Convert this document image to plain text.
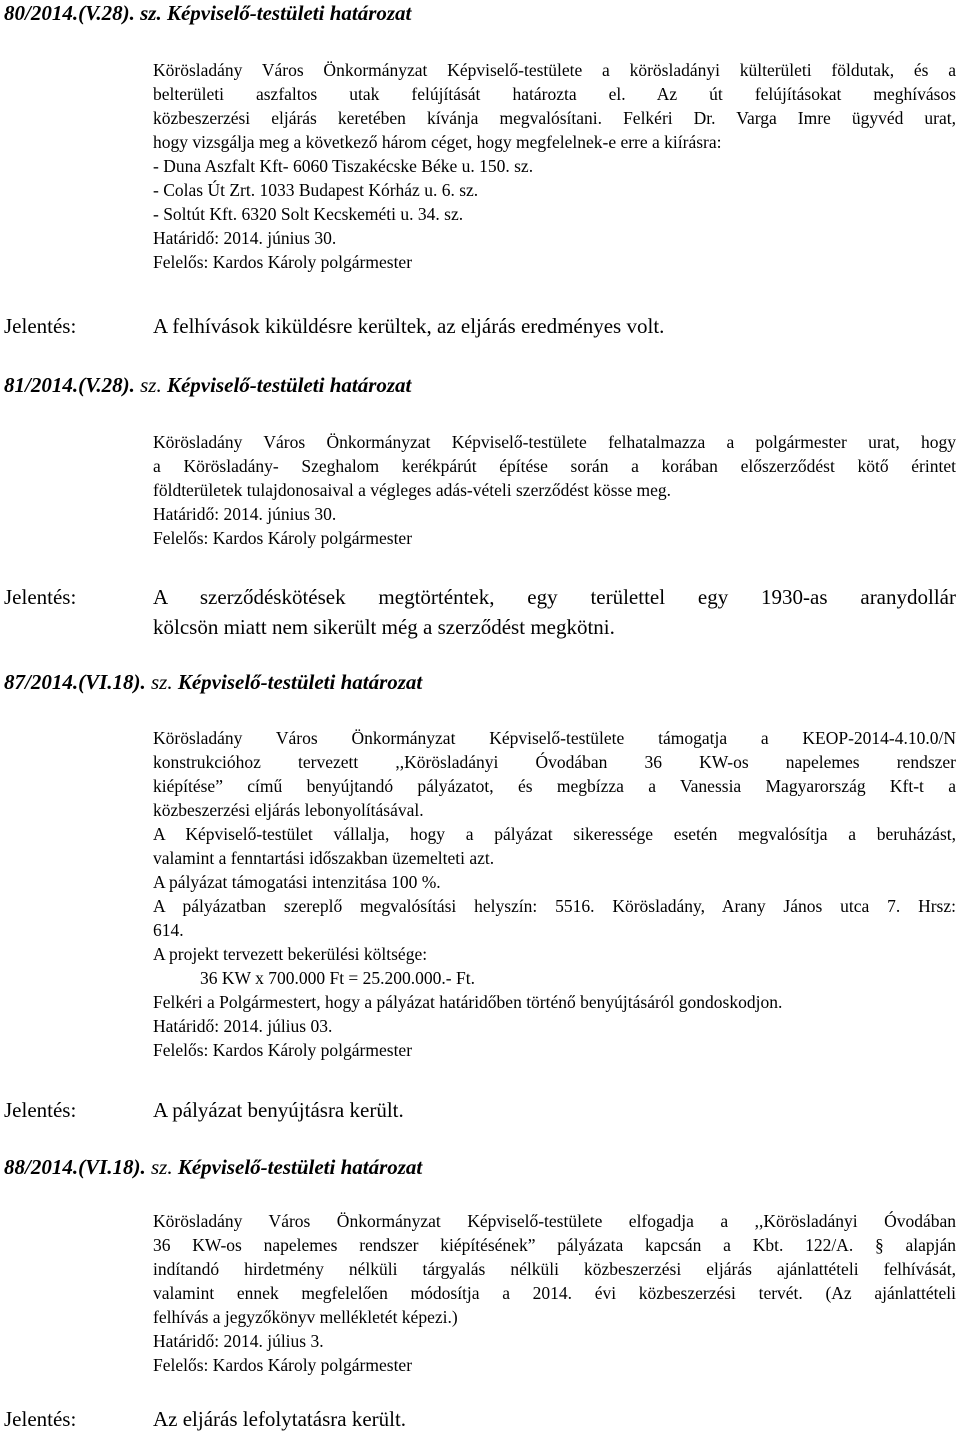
80/2014.(V.28). sz. Képviselő-testületi határozat
Körösladány Város Önkormányzat Képviselő-testülete a körösladányi külterületi földutak, és a
belterületi aszfaltos utak felújítását határozta el. Az út felújításokat meghívásos
közbeszerzési eljárás keretében kívánja megvalósítani. Felkéri Dr. Varga Imre ügyvéd urat,
hogy vizsgálja meg a következő három céget, hogy megfelelnek-e erre a kiírásra:
- Duna Aszfalt Kft- 6060 Tiszakécske Béke u. 150. sz.
- Colas Út Zrt. 1033 Budapest Kórház u. 6. sz.
- Soltút Kft. 6320 Solt Kecskeméti u. 34. sz.
Határidő: 2014. június 30.
Felelős: Kardos Károly polgármester
Jelentés:	A felhívások kiküldésre kerültek, az eljárás eredményes volt.
81/2014.(V.28). sz. Képviselő-testületi határozat
Körösladány Város Önkormányzat Képviselő-testülete felhatalmazza a polgármester urat, hogy
a Körösladány- Szeghalom kerékpárút építése során a korában előszerződést kötő érintet
földterületek tulajdonosaival a végleges adás-vételi szerződést kösse meg.
Határidő: 2014. június 30.
Felelős: Kardos Károly polgármester
Jelentés:	A szerződéskötések megtörténtek, egy területtel egy 1930-as aranydollár
kölcsön miatt nem sikerült még a szerződést megkötni.
87/2014.(VI.18). sz. Képviselő-testületi határozat
Körösladány Város Önkormányzat Képviselő-testülete támogatja a KEOP-2014-4.10.0/N
konstrukcióhoz tervezett ,,Körösladányi Óvodában 36 KW-os napelemes rendszer
kiépítése” című benyújtandó pályázatot, és megbízza a Vanessia Magyarország Kft-t a
közbeszerzési eljárás lebonyolításával.
A Képviselő-testület vállalja, hogy a pályázat sikeressége esetén megvalósítja a beruházást,
valamint a fenntartási időszakban üzemelteti azt.
A pályázat támogatási intenzitása 100 %.
A pályázatban szereplő megvalósítási helyszín: 5516. Körösladány, Arany János utca 7. Hrsz:
614.
A projekt tervezett bekerülési költsége:
36 KW x 700.000 Ft = 25.200.000.- Ft.
Felkéri a Polgármestert, hogy a pályázat határidőben történő benyújtásáról gondoskodjon.
Határidő: 2014. július 03.
Felelős: Kardos Károly polgármester
Jelentés:	A pályázat benyújtásra került.
88/2014.(VI.18). sz. Képviselő-testületi határozat
Körösladány Város Önkormányzat Képviselő-testülete elfogadja a ,,Körösladányi Óvodában
36 KW-os napelemes rendszer kiépítésének” pályázata kapcsán a Kbt. 122/A. § alapján
indítandó hirdetmény nélküli tárgyalás nélküli közbeszerzési eljárás ajánlattételi felhívását,
valamint ennek megfelelően módosítja a 2014. évi közbeszerzési tervét. (Az ajánlattételi
felhívás a jegyzőkönyv mellékletét képezi.)
Határidő: 2014. július 3.
Felelős: Kardos Károly polgármester
Jelentés:	Az eljárás lefolytatásra került.
